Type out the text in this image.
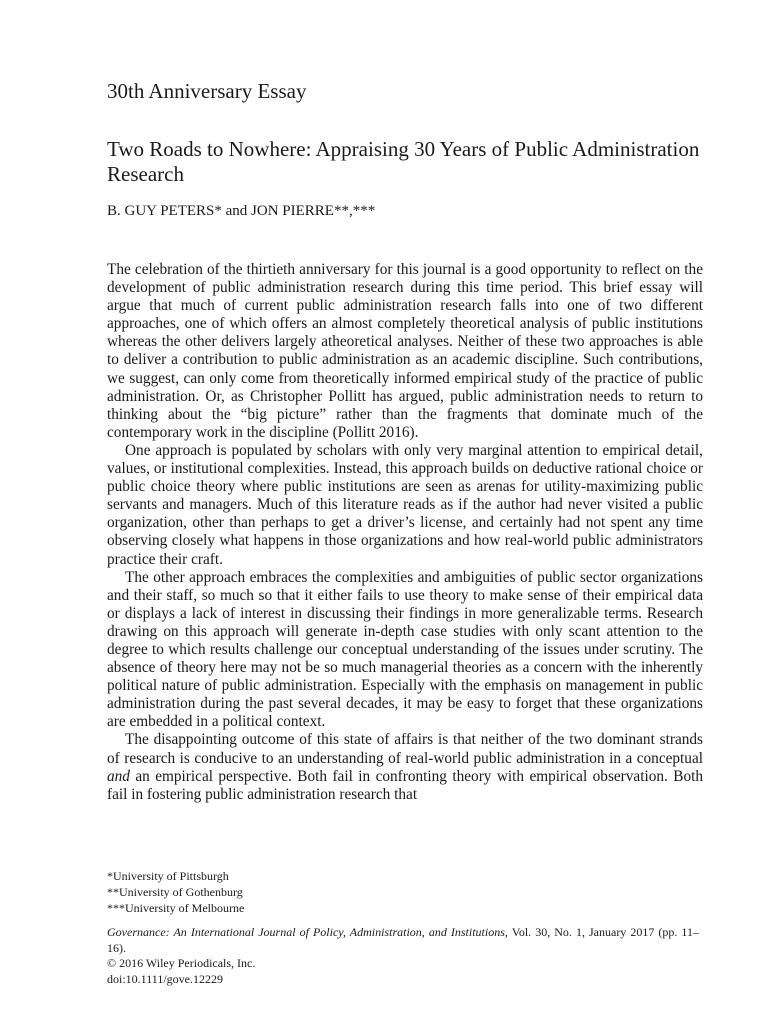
30th Anniversary Essay
Two Roads to Nowhere: Appraising 30 Years of Public Administration Research
B. GUY PETERS* and JON PIERRE**,***

The celebration of the thirtieth anniversary for this journal is a good opportunity to reflect on the development of public administration research during this time period. This brief essay will argue that much of current public administration research falls into one of two different approaches, one of which offers an almost completely theoretical analysis of public institutions whereas the other delivers largely atheoretical analyses. Neither of these two approaches is able to deliver a contribution to public administration as an academic discipline. Such contributions, we suggest, can only come from theoretically informed empirical study of the practice of public administration. Or, as Christopher Pollitt has argued, public administration needs to return to thinking about the “big picture” rather than the fragments that dominate much of the contemporary work in the discipline (Pollitt 2016).

One approach is populated by scholars with only very marginal attention to empirical detail, values, or institutional complexities. Instead, this approach builds on deductive rational choice or public choice theory where public institutions are seen as arenas for utility-maximizing public servants and managers. Much of this literature reads as if the author had never visited a public organization, other than perhaps to get a driver’s license, and certainly had not spent any time observing closely what happens in those organizations and how real-world public administrators practice their craft.

The other approach embraces the complexities and ambiguities of public sector organizations and their staff, so much so that it either fails to use theory to make sense of their empirical data or displays a lack of interest in discussing their findings in more generalizable terms. Research drawing on this approach will generate in-depth case studies with only scant attention to the degree to which results challenge our conceptual understanding of the issues under scrutiny. The absence of theory here may not be so much managerial theories as a concern with the inherently political nature of public administration. Especially with the emphasis on management in public administration during the past several decades, it may be easy to forget that these organizations are embedded in a political context.

The disappointing outcome of this state of affairs is that neither of the two dominant strands of research is conducive to an understanding of real-world public administration in a conceptual and an empirical perspective. Both fail in confronting theory with empirical observation. Both fail in fostering public administration research that

*University of Pittsburgh
**University of Gothenburg
***University of Melbourne
Governance: An International Journal of Policy, Administration, and Institutions, Vol. 30, No. 1, January 2017 (pp. 11–16).
© 2016 Wiley Periodicals, Inc.
doi:10.1111/gove.12229
